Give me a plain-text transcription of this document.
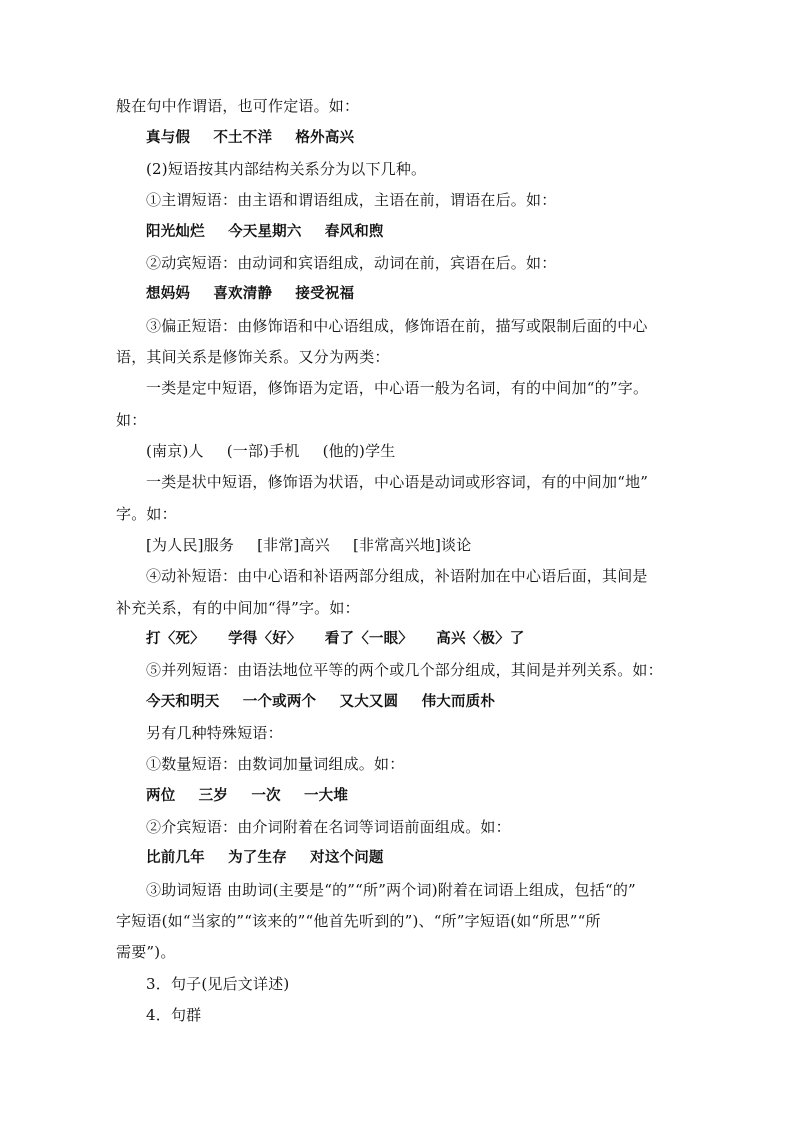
般在句中作谓语，也可作定语。如：
真与假 不土不洋 格外高兴
(2)短语按其内部结构关系分为以下几种。
①主谓短语：由主语和谓语组成，主语在前，谓语在后。如：
阳光灿烂 今天星期六 春风和煦
②动宾短语：由动词和宾语组成，动词在前，宾语在后。如：
想妈妈 喜欢清静 接受祝福
③偏正短语：由修饰语和中心语组成，修饰语在前，描写或限制后面的中心
语，其间关系是修饰关系。又分为两类：
一类是定中短语，修饰语为定语，中心语一般为名词，有的中间加“的”字。
如：
(南京)人 (一部)手机 (他的)学生
一类是状中短语，修饰语为状语，中心语是动词或形容词，有的中间加“地”
字。如：
[为人民]服务 [非常]高兴 [非常高兴地]谈论
④动补短语：由中心语和补语两部分组成，补语附加在中心语后面，其间是
补充关系，有的中间加“得”字。如：
打〈死〉 学得〈好〉 看了〈一眼〉 高兴〈极〉了
⑤并列短语：由语法地位平等的两个或几个部分组成，其间是并列关系。如：
今天和明天 一个或两个 又大又圆 伟大而质朴
另有几种特殊短语：
①数量短语：由数词加量词组成。如：
两位 三岁 一次 一大堆
②介宾短语：由介词附着在名词等词语前面组成。如：
比前几年 为了生存 对这个问题
③助词短语 由助词(主要是“的”“所”两个词)附着在词语上组成，包括“的”
字短语(如“当家的”“该来的”“他首先听到的”)、“所”字短语(如“所思”“所
需要”)。
3．句子(见后文详述)
4．句群
